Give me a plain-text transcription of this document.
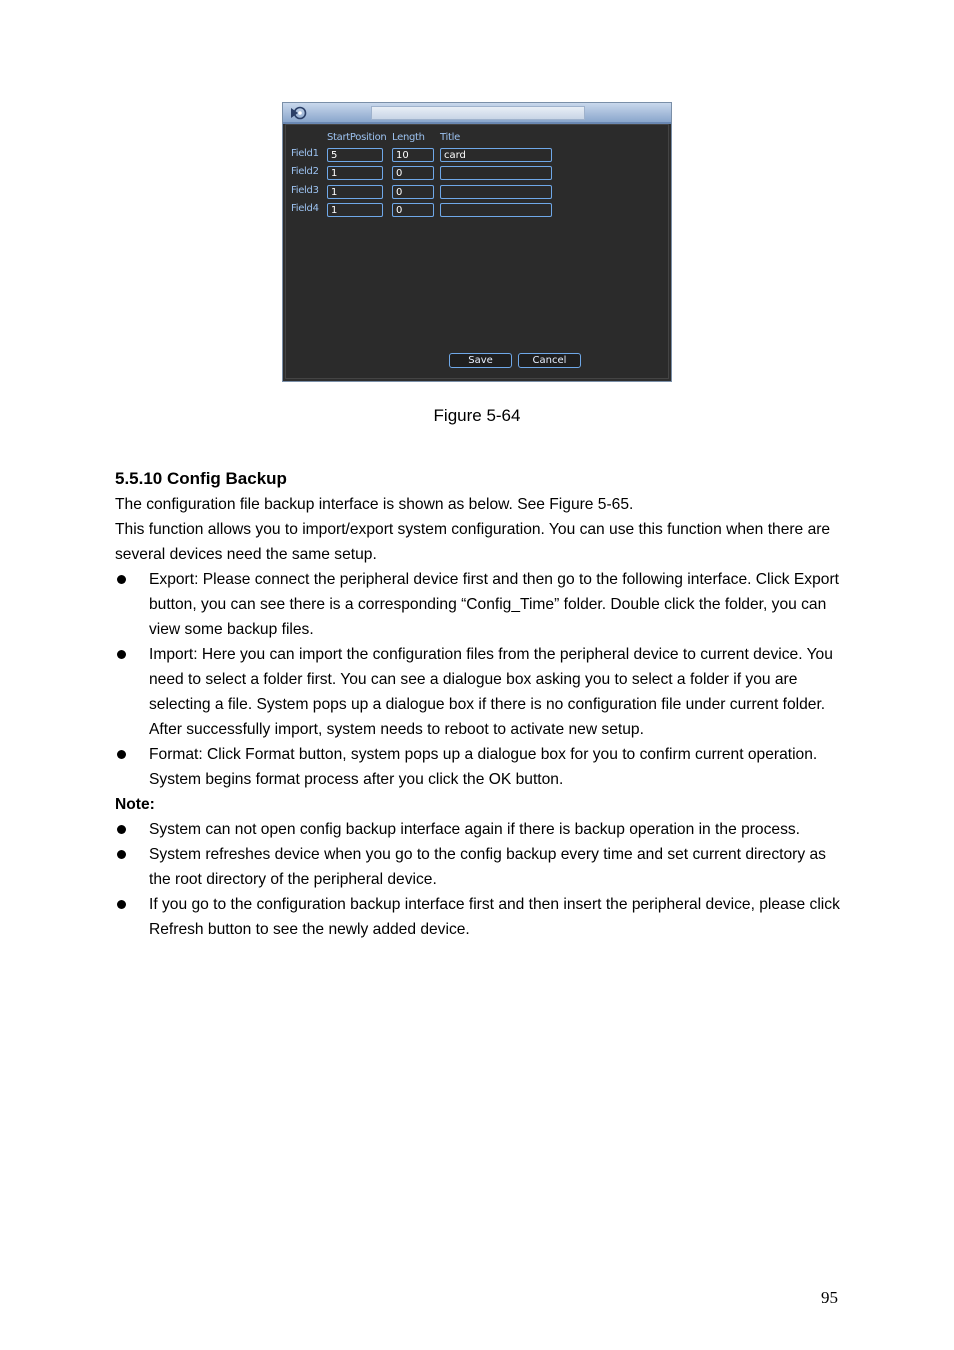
StartPosition Length Title
Field1
5
10
card
Field2
1
0
Field3
1
0
Field4
1
0
Save	Cancel
Figure 5-64
5.5.10 Config Backup

The configuration file backup interface is shown as below. See Figure 5-65.

This function allows you to import/export system configuration. You can use this function when there are several devices need the same setup.

Export: Please connect the peripheral device first and then go to the following interface. Click Export button, you can see there is a corresponding “Config_Time” folder. Double click the folder, you can view some backup files.
Import: Here you can import the configuration files from the peripheral device to current device. You need to select a folder first. You can see a dialogue box asking you to select a folder if you are selecting a file. System pops up a dialogue box if there is no configuration file under current folder. After successfully import, system needs to reboot to activate new setup.
Format: Click Format button, system pops up a dialogue box for you to confirm current operation. System begins format process after you click the OK button.

Note:

System can not open config backup interface again if there is backup operation in the process.
System refreshes device when you go to the config backup every time and set current directory as the root directory of the peripheral device.
If you go to the configuration backup interface first and then insert the peripheral device, please click Refresh button to see the newly added device.
95
